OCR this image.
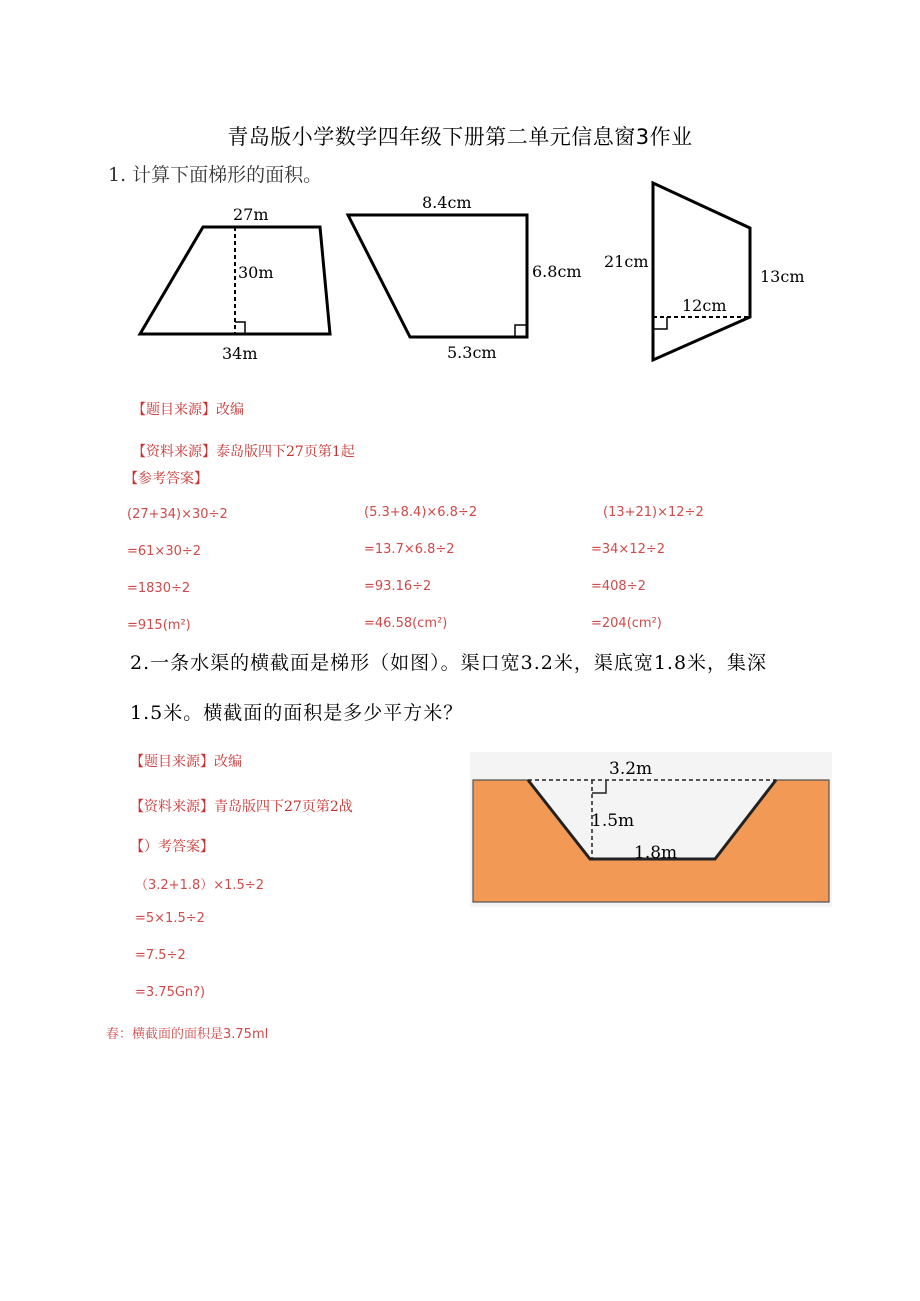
青岛版小学数学四年级下册第二单元信息窗3作业
1. 计算下面梯形的面积。
27m
30m
34m
8.4cm
6.8cm
5.3cm
21cm
13cm
12cm
【题目来源】改编
【资料来源】泰岛版四下27页第1起
【参考答案】
(27+34)×30÷2
=61×30÷2
=1830÷2
=915(m²)
(5.3+8.4)×6.8÷2
=13.7×6.8÷2
=93.16÷2
=46.58(cm²)
(13+21)×12÷2
=34×12÷2
=408÷2
=204(cm²)
2.一条水渠的横截面是梯形（如图）。渠口宽3.2米，渠底宽1.8米，集深
1.5米。横截面的面积是多少平方米？
【题目来源】改编
【资料来源】青岛版四下27页第2战
【）考答案】
（3.2+1.8）×1.5÷2
=5×1.5÷2
=7.5÷2
=3.75Gn?)
春：横截面的面积是3.75ml
3.2m
1.5m
1.8m
